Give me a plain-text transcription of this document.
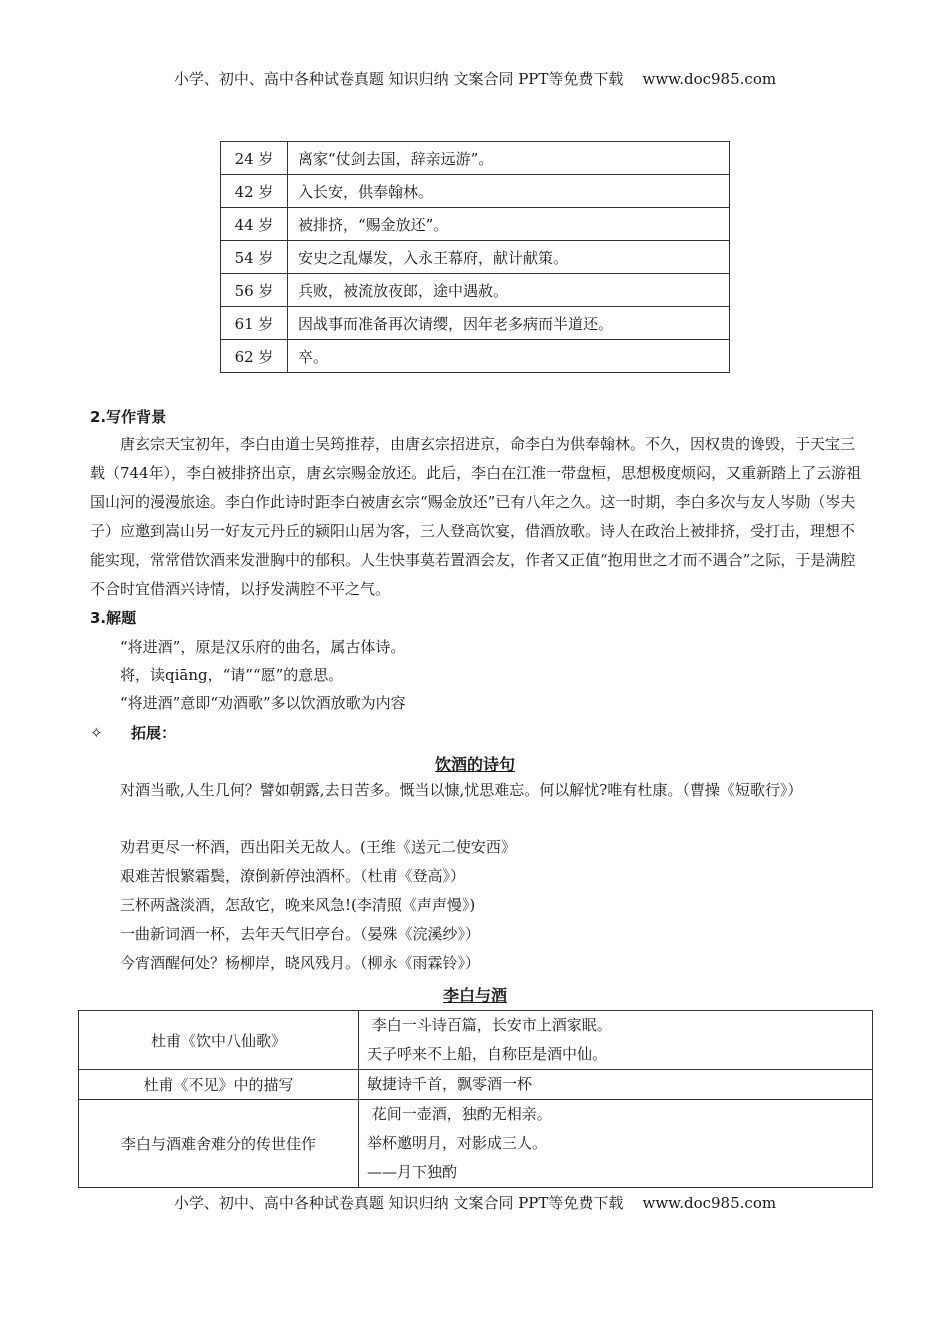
小学、初中、高中各种试卷真题 知识归纳 文案合同 PPT等免费下载    www.doc985.com
24 岁	离家“仗剑去国，辞亲远游”。
42 岁	入长安，供奉翰林。
44 岁	被排挤，“赐金放还”。
54 岁	安史之乱爆发，入永王幕府，献计献策。
56 岁	兵败，被流放夜郎，途中遇赦。
61 岁	因战事而准备再次请缨，因年老多病而半道还。
62 岁	卒。
2.写作背景

唐玄宗天宝初年，李白由道士吴筠推荐，由唐玄宗招进京，命李白为供奉翰林。不久，因权贵的谗毁，于天宝三载（744年），李白被排挤出京，唐玄宗赐金放还。此后，李白在江淮一带盘桓，思想极度烦闷，又重新踏上了云游祖国山河的漫漫旅途。李白作此诗时距李白被唐玄宗“赐金放还”已有八年之久。这一时期，李白多次与友人岑勋（岑夫子）应邀到嵩山另一好友元丹丘的颍阳山居为客，三人登高饮宴，借酒放歌。诗人在政治上被排挤，受打击，理想不能实现，常常借饮酒来发泄胸中的郁积。人生快事莫若置酒会友，作者又正值“抱用世之才而不遇合”之际，于是满腔不合时宜借酒兴诗情，以抒发满腔不平之气。

3.解题
“将进酒”，原是汉乐府的曲名，属古体诗。
将，读qiāng，“请”“愿”的意思。
“将进酒”意即“劝酒歌”多以饮酒放歌为内容
✧ 拓展：
饮酒的诗句

对酒当歌,人生几何？譬如朝露,去日苦多。慨当以慷,忧思难忘。何以解忧?唯有杜康。（曹操《短歌行》）

劝君更尽一杯酒，西出阳关无故人。(王维《送元二使安西》
艰难苦恨繁霜鬓，潦倒新停浊酒杯。（杜甫《登高》）
三杯两盏淡酒，怎敌它，晚来风急!(李清照《声声慢》)
一曲新词酒一杯，去年天气旧亭台。（晏殊《浣溪纱》）
今宵酒醒何处？杨柳岸，晓风残月。（柳永《雨霖铃》）
李白与酒
杜甫《饮中八仙歌》	李白一斗诗百篇，长安市上酒家眠。
天子呼来不上船，自称臣是酒中仙。

杜甫《不见》中的描写	敏捷诗千首，飘零酒一杯

李白与酒难舍难分的传世佳作	花间一壶酒，独酌无相亲。
举杯邀明月，对影成三人。
——月下独酌
小学、初中、高中各种试卷真题 知识归纳 文案合同 PPT等免费下载    www.doc985.com
